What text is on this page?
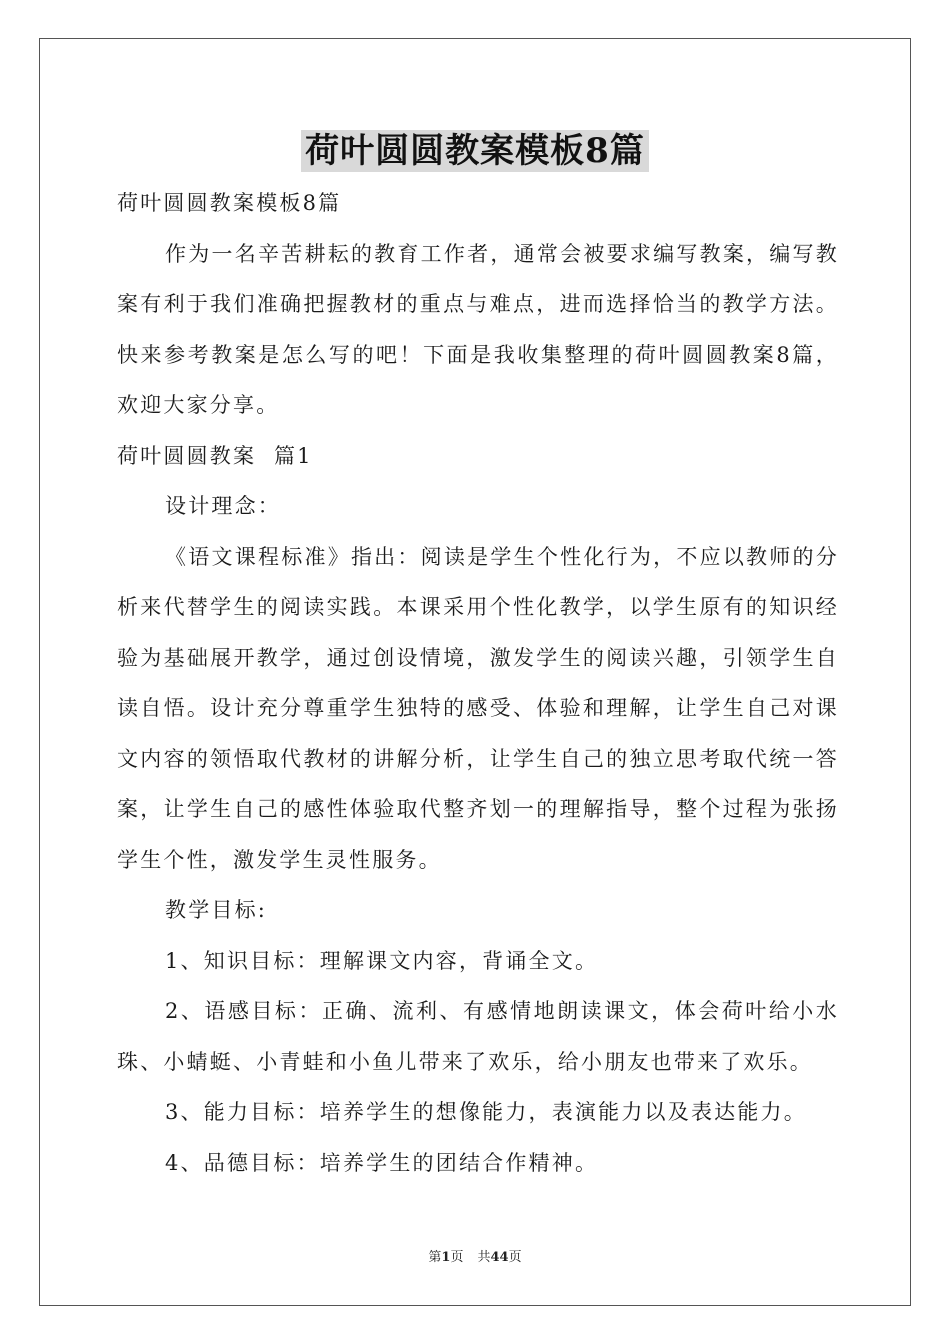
荷叶圆圆教案模板8篇

荷叶圆圆教案模板8篇

作为一名辛苦耕耘的教育工作者，通常会被要求编写教案，编写教案有利于我们准确把握教材的重点与难点，进而选择恰当的教学方法。快来参考教案是怎么写的吧！下面是我收集整理的荷叶圆圆教案8篇，欢迎大家分享。

荷叶圆圆教案  篇1

设计理念：

《语文课程标准》指出：阅读是学生个性化行为，不应以教师的分析来代替学生的阅读实践。本课采用个性化教学，以学生原有的知识经验为基础展开教学，通过创设情境，激发学生的阅读兴趣，引领学生自读自悟。设计充分尊重学生独特的感受、体验和理解，让学生自己对课文内容的领悟取代教材的讲解分析，让学生自己的独立思考取代统一答案，让学生自己的感性体验取代整齐划一的理解指导，整个过程为张扬学生个性，激发学生灵性服务。

教学目标:

1、知识目标：理解课文内容，背诵全文。

2、语感目标：正确、流利、有感情地朗读课文，体会荷叶给小水珠、小蜻蜓、小青蛙和小鱼儿带来了欢乐，给小朋友也带来了欢乐。

3、能力目标：培养学生的想像能力，表演能力以及表达能力。

4、品德目标：培养学生的团结合作精神。

第1页 共44页
